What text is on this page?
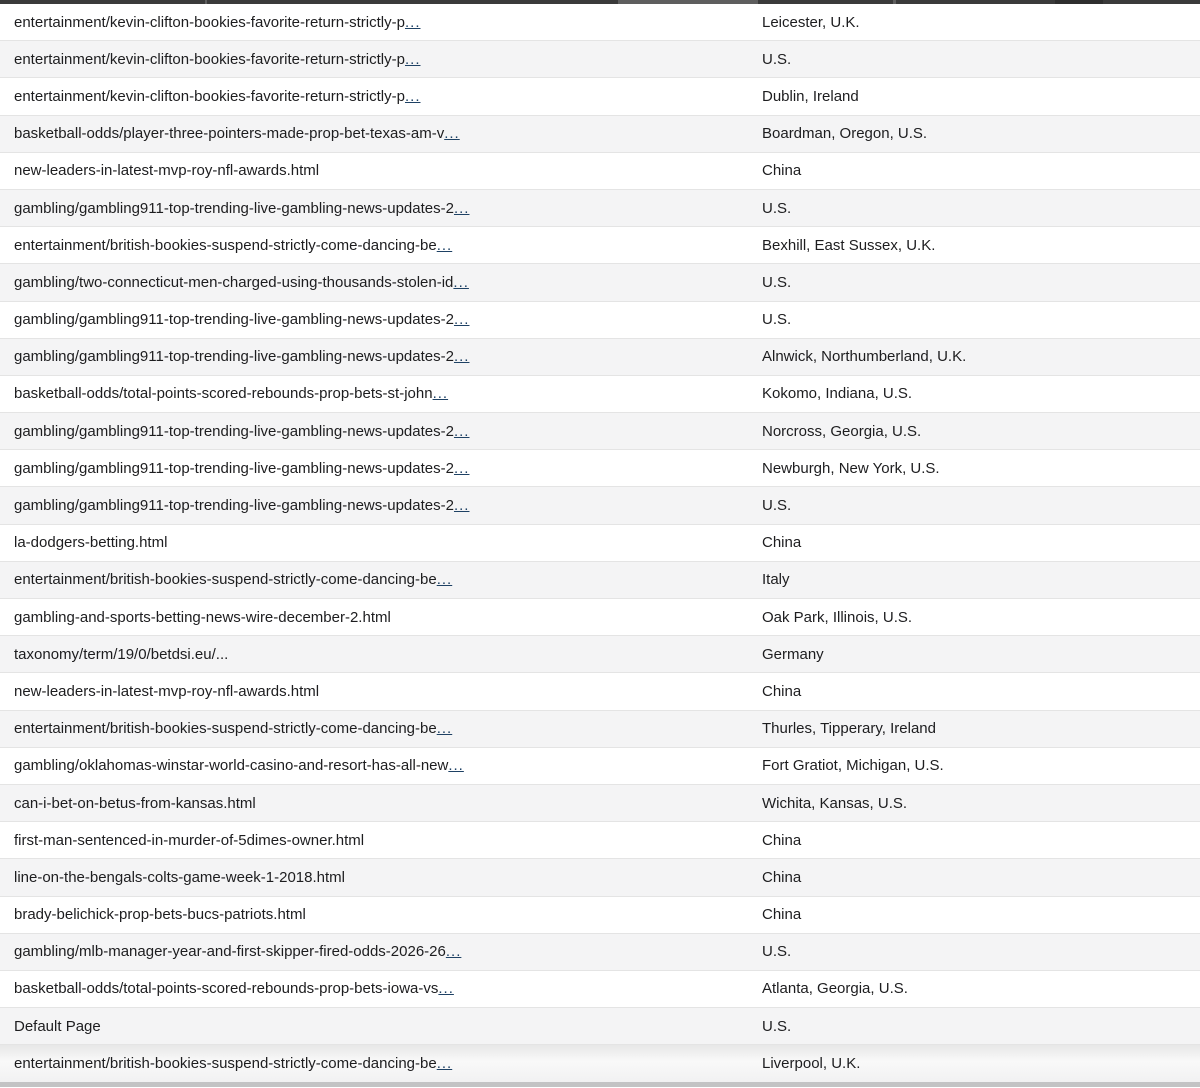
entertainment/kevin-clifton-bookies-favorite-return-strictly-p...	Leicester, U.K.
entertainment/kevin-clifton-bookies-favorite-return-strictly-p...	U.S.
entertainment/kevin-clifton-bookies-favorite-return-strictly-p...	Dublin, Ireland
basketball-odds/player-three-pointers-made-prop-bet-texas-am-v...	Boardman, Oregon, U.S.
new-leaders-in-latest-mvp-roy-nfl-awards.html	China
gambling/gambling911-top-trending-live-gambling-news-updates-2...	U.S.
entertainment/british-bookies-suspend-strictly-come-dancing-be...	Bexhill, East Sussex, U.K.
gambling/two-connecticut-men-charged-using-thousands-stolen-id...	U.S.
gambling/gambling911-top-trending-live-gambling-news-updates-2...	U.S.
gambling/gambling911-top-trending-live-gambling-news-updates-2...	Alnwick, Northumberland, U.K.
basketball-odds/total-points-scored-rebounds-prop-bets-st-john...	Kokomo, Indiana, U.S.
gambling/gambling911-top-trending-live-gambling-news-updates-2...	Norcross, Georgia, U.S.
gambling/gambling911-top-trending-live-gambling-news-updates-2...	Newburgh, New York, U.S.
gambling/gambling911-top-trending-live-gambling-news-updates-2...	U.S.
la-dodgers-betting.html	China
entertainment/british-bookies-suspend-strictly-come-dancing-be...	Italy
gambling-and-sports-betting-news-wire-december-2.html	Oak Park, Illinois, U.S.
taxonomy/term/19/0/betdsi.eu/...	Germany
new-leaders-in-latest-mvp-roy-nfl-awards.html	China
entertainment/british-bookies-suspend-strictly-come-dancing-be...	Thurles, Tipperary, Ireland
gambling/oklahomas-winstar-world-casino-and-resort-has-all-new...	Fort Gratiot, Michigan, U.S.
can-i-bet-on-betus-from-kansas.html	Wichita, Kansas, U.S.
first-man-sentenced-in-murder-of-5dimes-owner.html	China
line-on-the-bengals-colts-game-week-1-2018.html	China
brady-belichick-prop-bets-bucs-patriots.html	China
gambling/mlb-manager-year-and-first-skipper-fired-odds-2026-26...	U.S.
basketball-odds/total-points-scored-rebounds-prop-bets-iowa-vs...	Atlanta, Georgia, U.S.
Default Page	U.S.
entertainment/british-bookies-suspend-strictly-come-dancing-be...	Liverpool, U.K.
